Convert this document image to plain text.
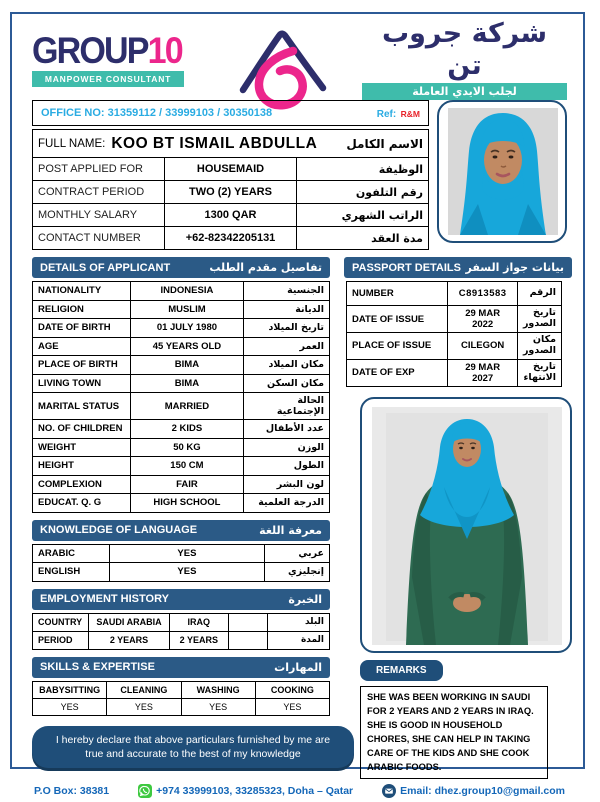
GROUP10
MANPOWER CONSULTANT
شركة جروب تن
لجلب الايدي العاملة
OFFICE NO: 31359112 / 33999103 / 30350138	Ref: R&M
FULL NAME: KOO BT ISMAIL ABDULLA الاسم الكامل		

POST APPLIED FOR	HOUSEMAID	الوظيفة
CONTRACT PERIOD	TWO (2) YEARS	رقم التلفون
MONTHLY SALARY	1300 QAR	الراتب الشهري
CONTACT NUMBER	+62-82342205131	مدة العقد
DETAILS OF APPLICANT	تفاصيل مقدم الطلب
NATIONALITY	INDONESIA	الجنسية
RELIGION	MUSLIM	الديانة
DATE OF BIRTH	01 JULY 1980	تاريخ الميلاد
AGE	45 YEARS OLD	العمر
PLACE OF BIRTH	BIMA	مكان الميلاد
LIVING TOWN	BIMA	مكان السكن
MARITAL STATUS	MARRIED	الحالة الإجتماعية
NO. OF CHILDREN	2 KIDS	عدد الأطفال
WEIGHT	50 KG	الوزن
HEIGHT	150 CM	الطول
COMPLEXION	FAIR	لون البشر
EDUCAT. Q. G	HIGH SCHOOL	الدرجة العلمية
KNOWLEDGE OF LANGUAGE	معرفة اللغة
ARABIC	YES	عربي
ENGLISH	YES	إنجليزي
EMPLOYMENT HISTORY	الخبرة
COUNTRY	SAUDI ARABIA	IRAQ		البلد
PERIOD	2 YEARS	2 YEARS		المدة
SKILLS & EXPERTISE	المهارات
BABYSITTING	CLEANING	WASHING	COOKING
YES	YES	YES	YES
I hereby declare that above particulars furnished by me are true and accurate to the best of my knowledge
PASSPORT DETAILS بيانات جواز السفر
NUMBER	C8913583	الرقم
DATE OF ISSUE	29 MAR 2022	تاريخ الصدور
PLACE OF ISSUE	CILEGON	مكان الصدور
DATE OF EXP	29 MAR 2027	تاريخ الانتهاء
REMARKS
SHE WAS BEEN WORKING IN SAUDI FOR 2 YEARS AND 2 YEARS IN IRAQ. SHE IS GOOD IN HOUSEHOLD CHORES, SHE CAN HELP IN TAKING CARE OF THE KIDS AND SHE COOK ARABIC FOODS.
P.O Box: 38381	+974 33999103, 33285323, Doha – Qatar	Email: dhez.group10@gmail.com
